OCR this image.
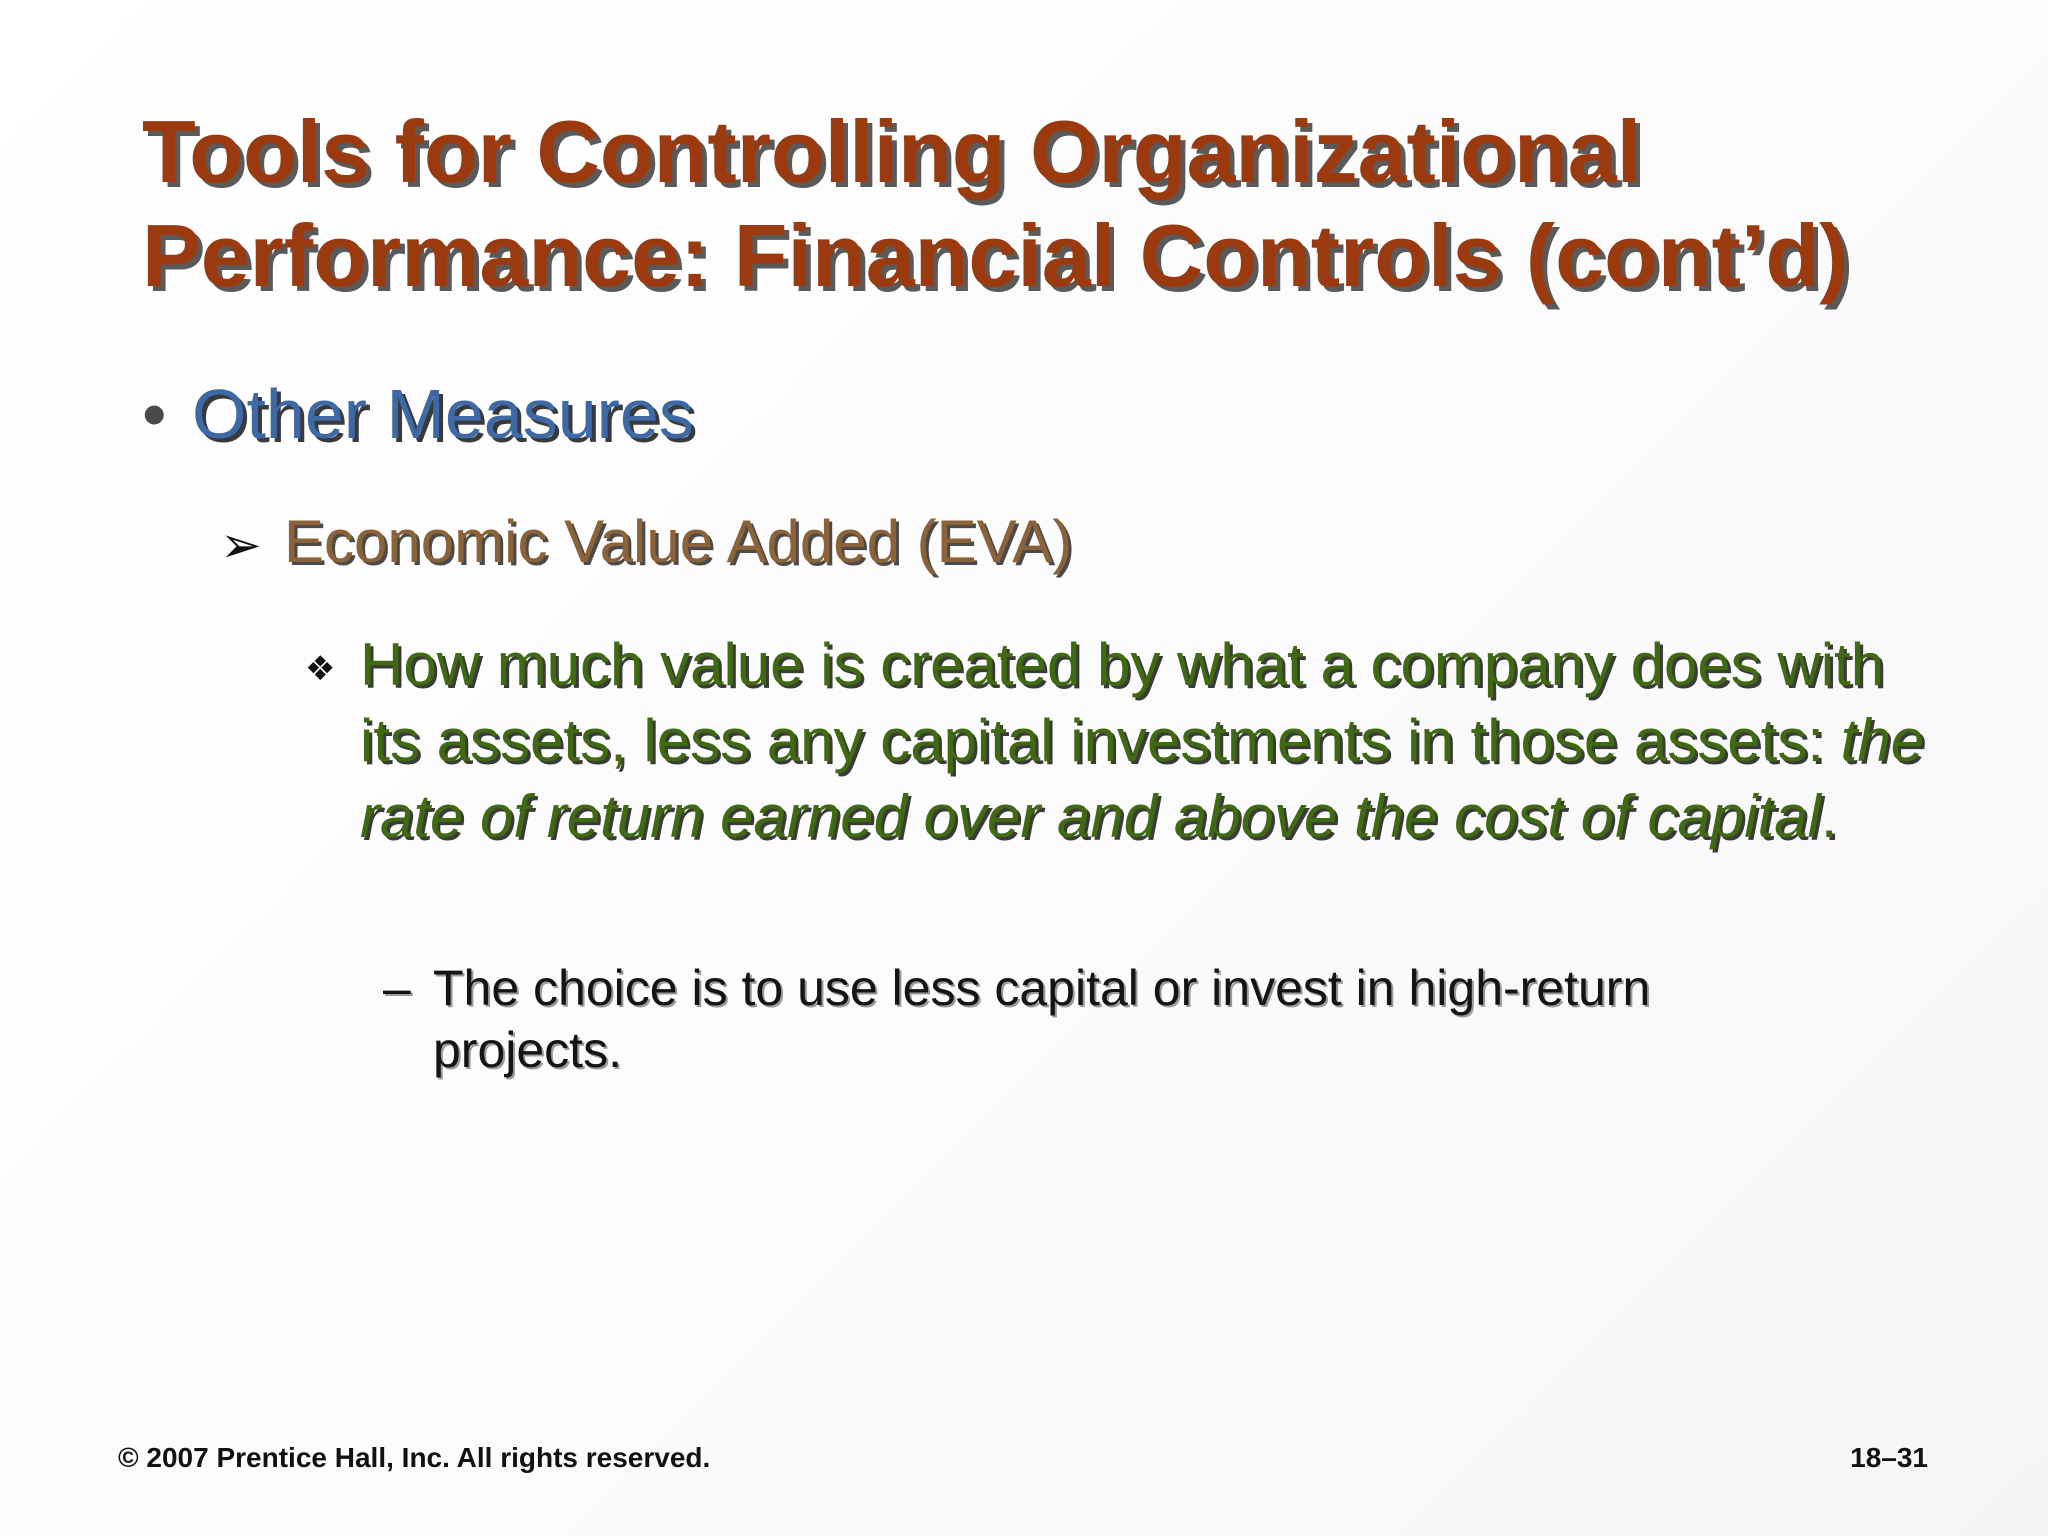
Tools for Controlling Organizational
Performance: Financial Controls (cont’d)
• Other Measures
➢ Economic Value Added (EVA)
❖ How much value is created by what a company does with its assets, less any capital investments in those assets: the rate of return earned over and above the cost of capital.
– The choice is to use less capital or invest in high-return projects.
© 2007 Prentice Hall, Inc. All rights reserved.	18–31
